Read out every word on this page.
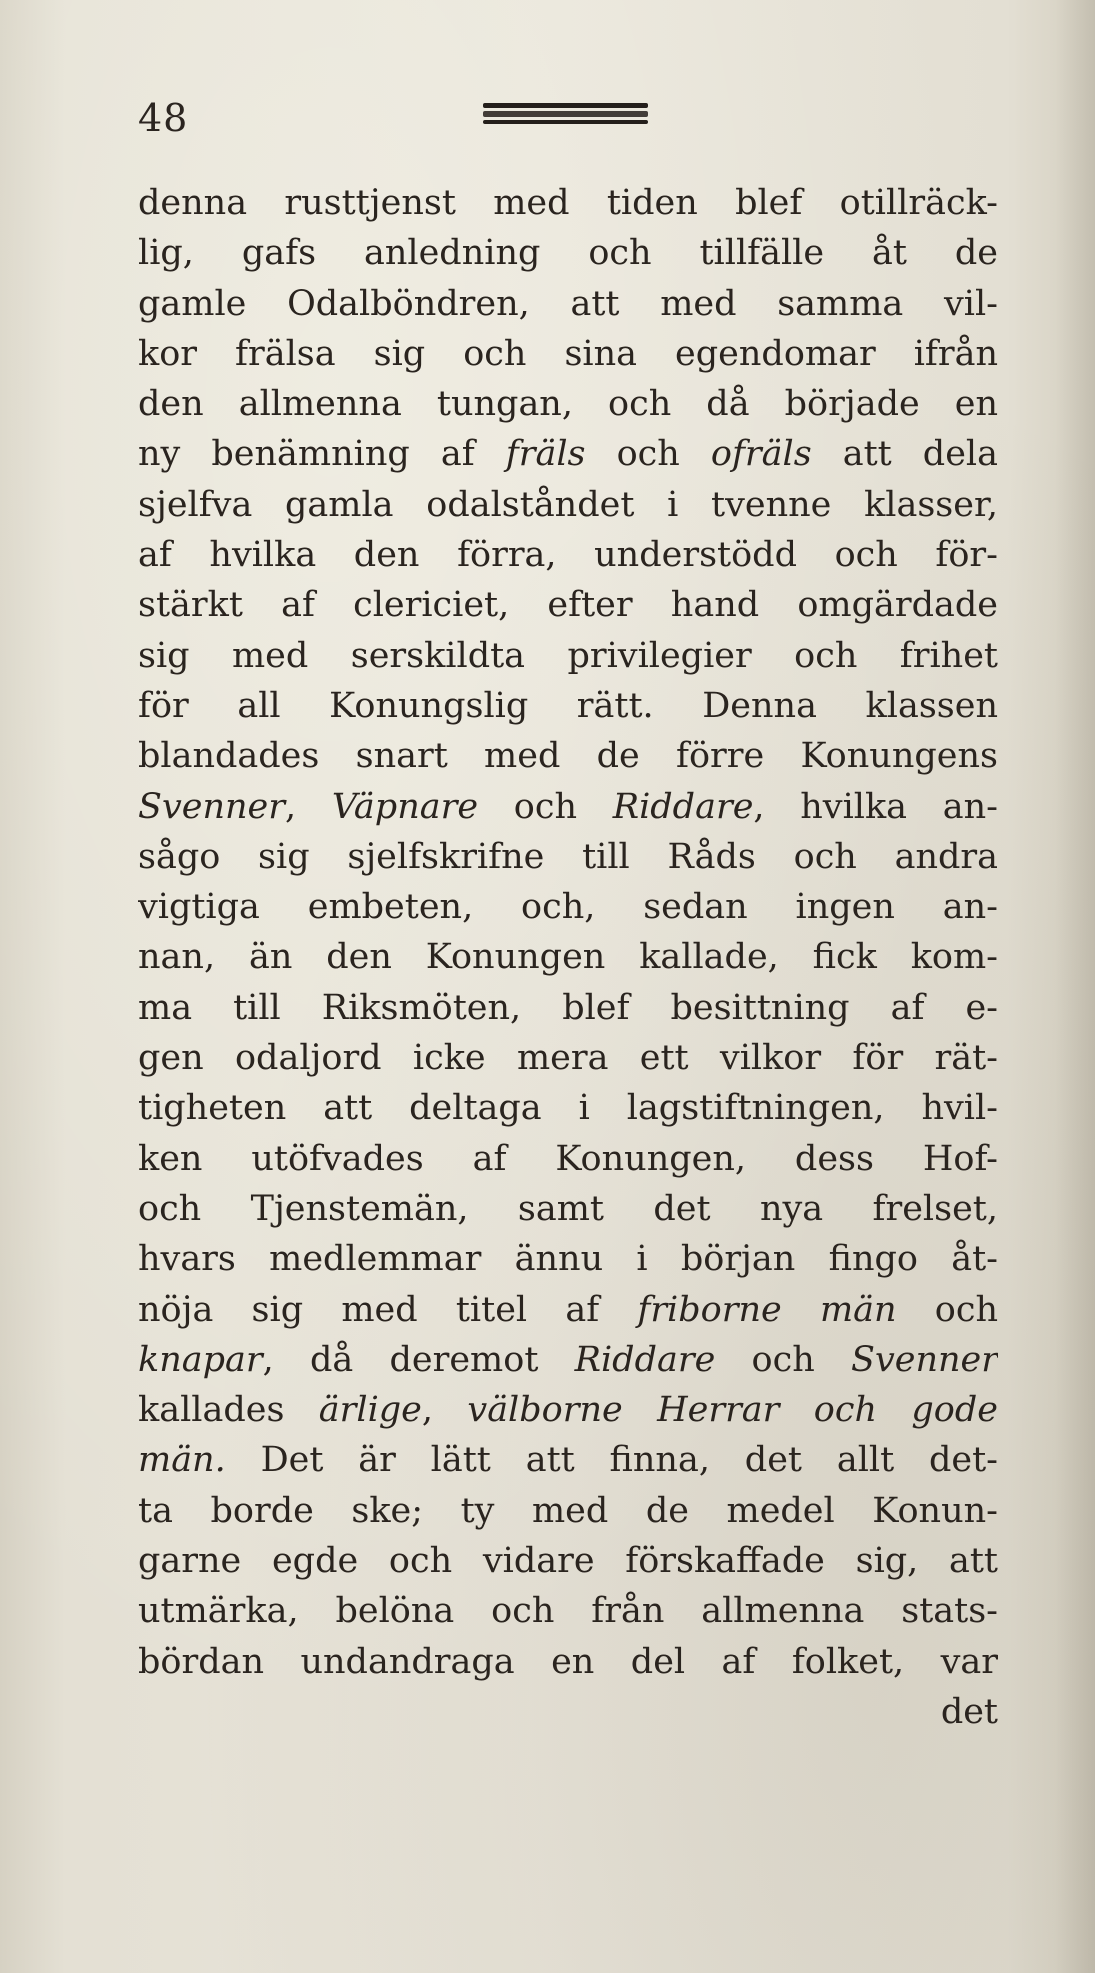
48
denna rusttjenst med tiden blef otillräck-
lig, gafs anledning och tillfälle åt de
gamle Odalböndren, att med samma vil-
kor frälsa sig och sina egendomar ifrån
den allmenna tungan, och då började en
ny benämning af fräls och ofräls att dela
sjelfva gamla odalståndet i tvenne klasser,
af hvilka den förra, understödd och för-
stärkt af clericiet, efter hand omgärdade
sig med serskildta privilegier och frihet
för all Konungslig rätt. Denna klassen
blandades snart med de förre Konungens
Svenner, Väpnare och Riddare, hvilka an-
sågo sig sjelfskrifne till Råds och andra
vigtiga embeten, och, sedan ingen an-
nan, än den Konungen kallade, fick kom-
ma till Riksmöten, blef besittning af e-
gen odaljord icke mera ett vilkor för rät-
tigheten att deltaga i lagstiftningen, hvil-
ken utöfvades af Konungen, dess Hof-
och Tjenstemän, samt det nya frelset,
hvars medlemmar ännu i början fingo åt-
nöja sig med titel af friborne män och
knapar, då deremot Riddare och Svenner
kallades ärlige, välborne Herrar och gode
män. Det är lätt att finna, det allt det-
ta borde ske; ty med de medel Konun-
garne egde och vidare förskaffade sig, att
utmärka, belöna och från allmenna stats-
bördan undandraga en del af folket, var
det
